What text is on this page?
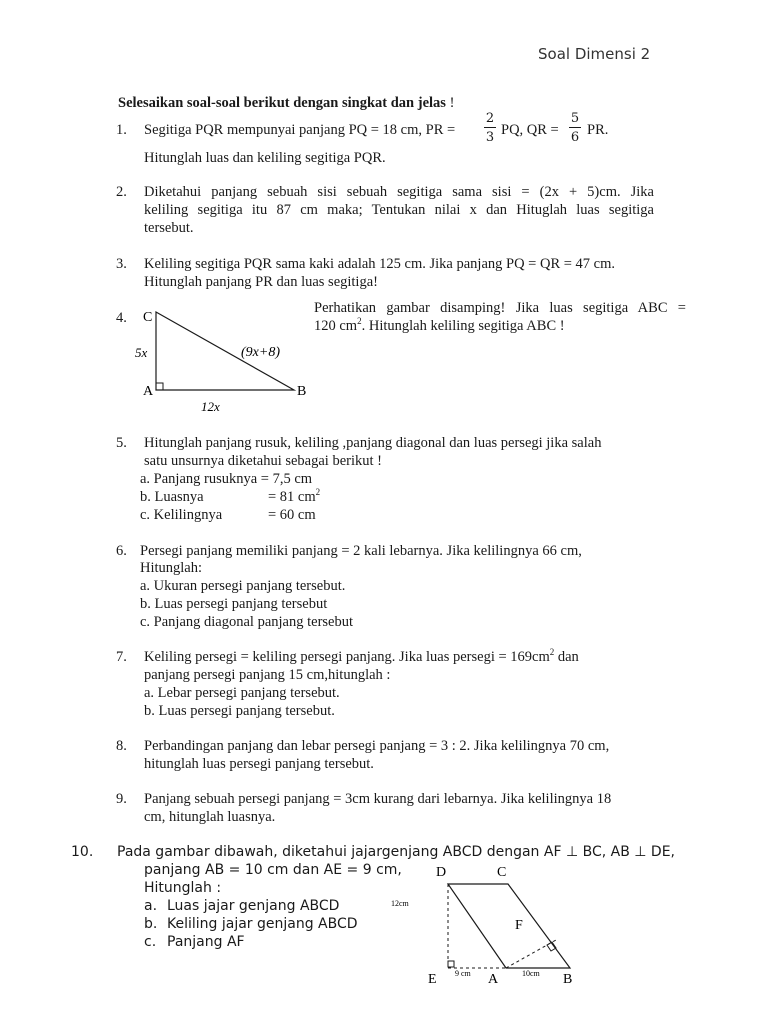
Soal Dimensi 2
Selesaikan soal-soal berikut dengan singkat dan jelas !
1. Segitiga PQR mempunyai panjang PQ = 18 cm, PR =
2
3 PQ, QR =
5
6 PR.
Hitunglah luas dan keliling segitiga PQR.
2. Diketahui panjang sebuah sisi sebuah segitiga sama sisi = (2x + 5)cm. Jika
keliling segitiga itu 87 cm maka; Tentukan nilai x dan Hituglah luas segitiga
tersebut.
3. Keliling segitiga PQR sama kaki adalah 125 cm. Jika panjang PQ = QR = 47 cm.
Hitunglah panjang PR dan luas segitiga!
4.
Perhatikan gambar disamping! Jika luas segitiga ABC =
120 $cm^2$. Hitunglah keliling segitiga ABC !
C
A	B
5x	(9x+8)
12x
5. Hitunglah panjang rusuk, keliling ,panjang diagonal dan luas persegi jika salah
satu unsurnya diketahui sebagai berikut !
a. Panjang rusuknya = 7,5 cm
b. Luasnya	= 81 $cm^2$
c. Kelilingnya	= 60 cm
6. Persegi panjang memiliki panjang = 2 kali lebarnya. Jika kelilingnya 66 cm,
Hitunglah:
a. Ukuran persegi panjang tersebut.
b. Luas persegi panjang tersebut
c. Panjang diagonal panjang tersebut
7. Keliling persegi = keliling persegi panjang. Jika luas persegi = $169cm^2$ dan
panjang persegi panjang 15 cm,hitunglah :
a. Lebar persegi panjang tersebut.
b. Luas persegi panjang tersebut.
8. Perbandingan panjang dan lebar persegi panjang = 3 : 2. Jika kelilingnya 70 cm,
hitunglah luas persegi panjang tersebut.
9. Panjang sebuah persegi panjang = 3cm kurang dari lebarnya. Jika kelilingnya 18
cm, hitunglah luasnya.
10. Pada gambar dibawah, diketahui jajargenjang ABCD dengan AF ⊥ BC, AB ⊥ DE,
panjang AB = 10 cm dan AE = 9 cm,
Hitunglah :
a. Luas jajar genjang ABCD
b. Keliling jajar genjang ABCD
c. Panjang AF
D	C
E	A	B
F
12cm
9 cm	10cm
